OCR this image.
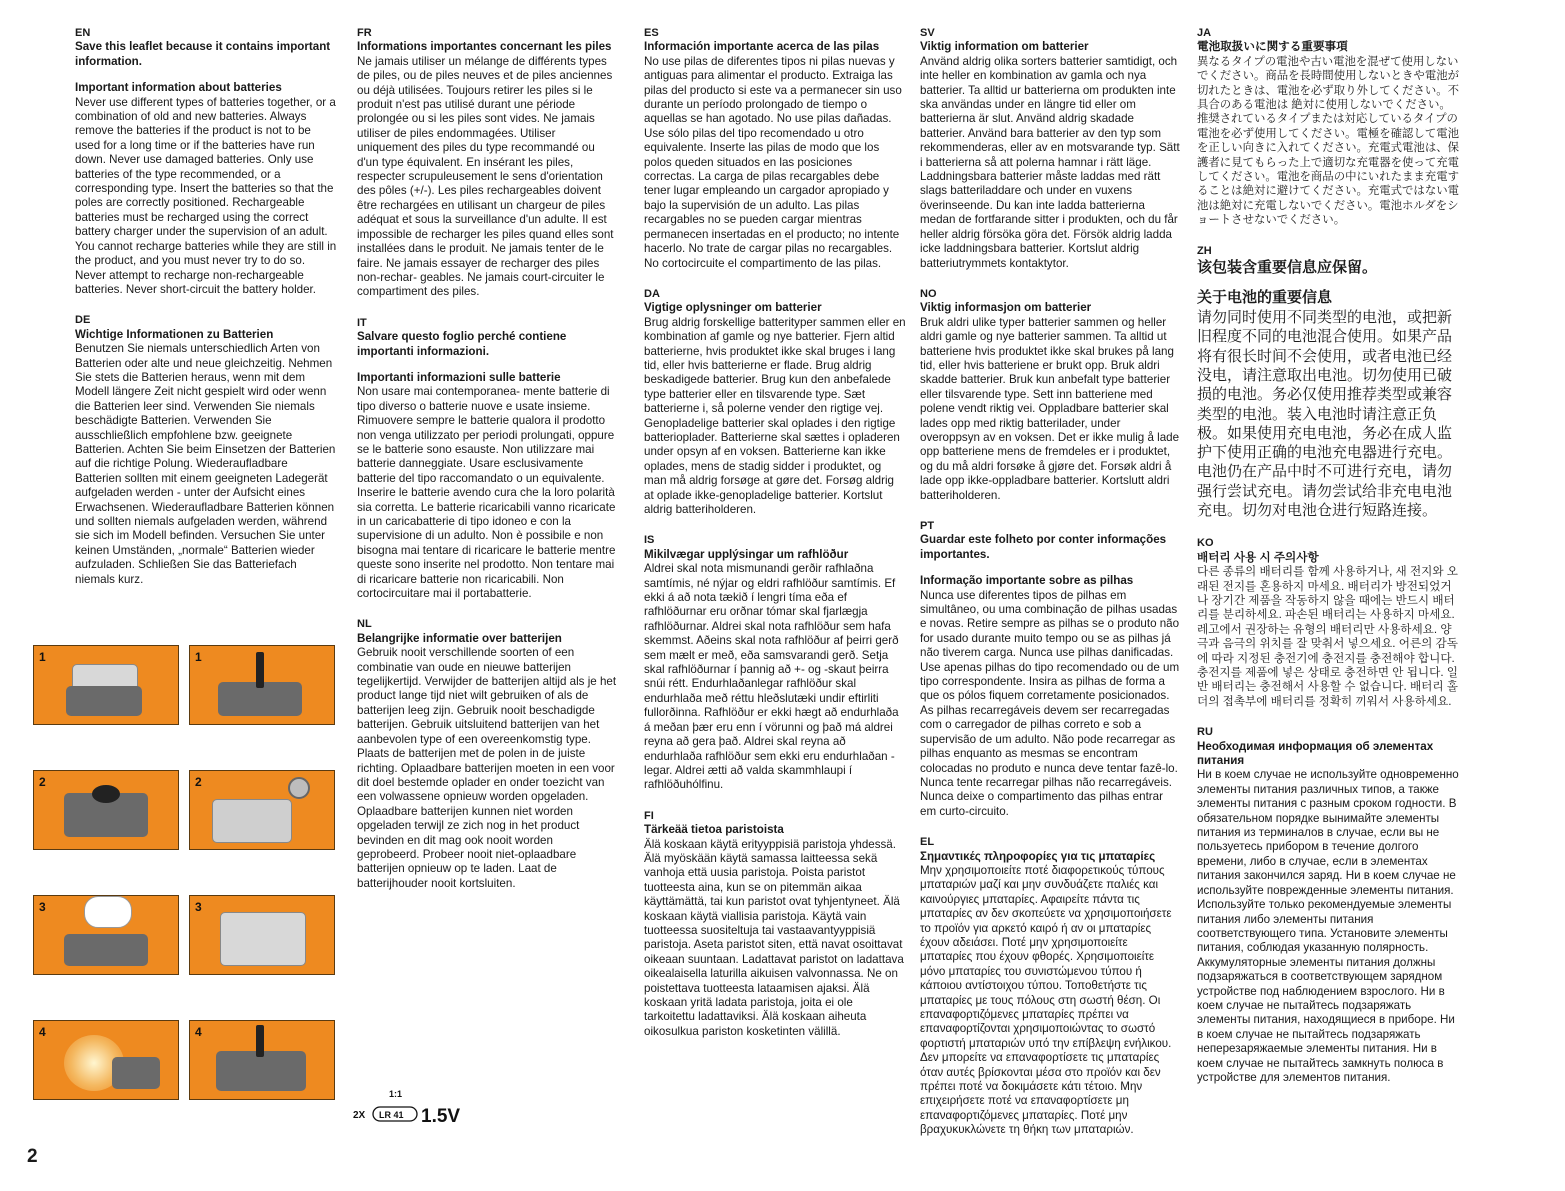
EN

Save this leaflet because it contains important information.

Important information about batteries

Never use different types of batteries together, or a combination of old and new batteries. Always remove the batteries if the product is not to be used for a long time or if the batteries have run down. Never use damaged batteries. Only use batteries of the type recommended, or a corresponding type. Insert the batteries so that the poles are correctly positioned. Rechargeable batteries must be recharged using the correct battery charger under the supervision of an adult. You cannot recharge batteries while they are still in the product, and you must never try to do so. Never attempt to recharge non-rechargeable batteries. Never short-circuit the battery holder.

DE

Wichtige Informationen zu Batterien

Benutzen Sie niemals unterschiedlich Arten von Batterien oder alte und neue gleichzeitig. Nehmen Sie stets die Batterien heraus, wenn mit dem Modell längere Zeit nicht gespielt wird oder wenn die Batterien leer sind. Verwenden Sie niemals beschädigte Batterien. Verwenden Sie ausschließlich empfohlene bzw. geeignete Batterien. Achten Sie beim Einsetzen der Batterien auf die richtige Polung. Wiederaufladbare Batterien sollten mit einem geeigneten Ladegerät aufgeladen werden - unter der Aufsicht eines Erwachsenen. Wiederaufladbare Batterien können und sollten niemals aufgeladen werden, während sie sich im Modell befinden. Versuchen Sie unter keinen Umständen, „normale“ Batterien wieder aufzuladen. Schließen Sie das Batteriefach niemals kurz.

FR

Informations importantes concernant les piles

Ne jamais utiliser un mélange de différents types de piles, ou de piles neuves et de piles anciennes ou déjà utilisées. Toujours retirer les piles si le produit n'est pas utilisé durant une période prolongée ou si les piles sont vides. Ne jamais utiliser de piles endommagées. Utiliser uniquement des piles du type recommandé ou d'un type équivalent. En insérant les piles, respecter scrupuleusement le sens d'orientation des pôles (+/-). Les piles rechargeables doivent être rechargées en utilisant un chargeur de piles adéquat et sous la surveillance d'un adulte. Il est impossible de recharger les piles quand elles sont installées dans le produit. Ne jamais tenter de le faire. Ne jamais essayer de recharger des piles non-rechar- geables. Ne jamais court-circuiter le compartiment des piles.

IT

Salvare questo foglio perché contiene importanti informazioni.

Importanti informazioni sulle batterie

Non usare mai contemporanea- mente batterie di tipo diverso o batterie nuove e usate insieme. Rimuovere sempre le batterie qualora il prodotto non venga utilizzato per periodi prolungati, oppure se le batterie sono esauste. Non utilizzare mai batterie danneggiate. Usare esclusivamente batterie del tipo raccomandato o un equivalente. Inserire le batterie avendo cura che la loro polarità sia corretta. Le batterie ricaricabili vanno ricaricate in un caricabatterie di tipo idoneo e con la supervisione di un adulto. Non è possibile e non bisogna mai tentare di ricaricare le batterie mentre queste sono inserite nel prodotto. Non tentare mai di ricaricare batterie non ricaricabili. Non cortocircuitare mai il portabatterie.

NL

Belangrijke informatie over batterijen

Gebruik nooit verschillende soorten of een combinatie van oude en nieuwe batterijen tegelijkertijd. Verwijder de batterijen altijd als je het product lange tijd niet wilt gebruiken of als de batterijen leeg zijn. Gebruik nooit beschadigde batterijen. Gebruik uitsluitend batterijen van het aanbevolen type of een overeenkomstig type. Plaats de batterijen met de polen in de juiste richting. Oplaadbare batterijen moeten in een voor dit doel bestemde oplader en onder toezicht van een volwassene opnieuw worden opgeladen. Oplaadbare batterijen kunnen niet worden opgeladen terwijl ze zich nog in het product bevinden en dit mag ook nooit worden geprobeerd. Probeer nooit niet-oplaadbare batterijen opnieuw op te laden. Laat de batterijhouder nooit kortsluiten.

ES

Información importante acerca de las pilas

No use pilas de diferentes tipos ni pilas nuevas y antiguas para alimentar el producto. Extraiga las pilas del producto si este va a permanecer sin uso durante un período prolongado de tiempo o aquellas se han agotado. No use pilas dañadas. Use sólo pilas del tipo recomendado u otro equivalente. Inserte las pilas de modo que los polos queden situados en las posiciones correctas. La carga de pilas recargables debe tener lugar empleando un cargador apropiado y bajo la supervisión de un adulto. Las pilas recargables no se pueden cargar mientras permanecen insertadas en el producto; no intente hacerlo. No trate de cargar pilas no recargables. No cortocircuite el compartimento de las pilas.

DA

Vigtige oplysninger om batterier

Brug aldrig forskellige batterityper sammen eller en kombination af gamle og nye batterier. Fjern altid batterierne, hvis produktet ikke skal bruges i lang tid, eller hvis batterierne er flade. Brug aldrig beskadigede batterier. Brug kun den anbefalede type batterier eller en tilsvarende type. Sæt batterierne i, så polerne vender den rigtige vej. Genopladelige batterier skal oplades i den rigtige batterioplader. Batterierne skal sættes i opladeren under opsyn af en voksen. Batterierne kan ikke oplades, mens de stadig sidder i produktet, og man må aldrig forsøge at gøre det. Forsøg aldrig at oplade ikke-genopladelige batterier. Kortslut aldrig batteriholderen.

IS

Mikilvægar upplýsingar um rafhlöður

Aldrei skal nota mismunandi gerðir rafhlaðna samtímis, né nýjar og eldri rafhlöður samtímis. Ef ekki á að nota tækið í lengri tíma eða ef rafhlöðurnar eru orðnar tómar skal fjarlægja rafhlöðurnar. Aldrei skal nota rafhlöður sem hafa skemmst. Aðeins skal nota rafhlöður af þeirri gerð sem mælt er með, eða samsvarandi gerð. Setja skal rafhlöðurnar í þannig að +- og -skaut þeirra snúi rétt. Endurhlaðanlegar rafhlöður skal endurhlaða með réttu hleðslutæki undir eftirliti fullorðinna. Rafhlöður er ekki hægt að endurhlaða á meðan þær eru enn í vörunni og það má aldrei reyna að gera það. Aldrei skal reyna að endurhlaða rafhlöður sem ekki eru endurhlaðan -legar. Aldrei ætti að valda skammhlaupi í rafhlöðuhólfinu.

FI

Tärkeää tietoa paristoista

Älä koskaan käytä erityyppisiä paristoja yhdessä. Älä myöskään käytä samassa laitteessa sekä vanhoja että uusia paristoja. Poista paristot tuotteesta aina, kun se on pitemmän aikaa käyttämättä, tai kun paristot ovat tyhjentyneet. Älä koskaan käytä viallisia paristoja. Käytä vain tuotteessa suositeltuja tai vastaavantyyppisiä paristoja. Aseta paristot siten, että navat osoittavat oikeaan suuntaan. Ladattavat paristot on ladattava oikealaisella laturilla aikuisen valvonnassa. Ne on poistettava tuotteesta lataamisen ajaksi. Älä koskaan yritä ladata paristoja, joita ei ole tarkoitettu ladattaviksi. Älä koskaan aiheuta oikosulkua pariston kosketinten välillä.

SV

Viktig information om batterier

Använd aldrig olika sorters batterier samtidigt, och inte heller en kombination av gamla och nya batterier. Ta alltid ur batterierna om produkten inte ska användas under en längre tid eller om batterierna är slut. Använd aldrig skadade batterier. Använd bara batterier av den typ som rekommenderas, eller av en motsvarande typ. Sätt i batterierna så att polerna hamnar i rätt läge. Laddningsbara batterier måste laddas med rätt slags batteriladdare och under en vuxens överinseende. Du kan inte ladda batterierna medan de fortfarande sitter i produkten, och du får heller aldrig försöka göra det. Försök aldrig ladda icke laddningsbara batterier. Kortslut aldrig batteriutrymmets kontaktytor.

NO

Viktig informasjon om batterier

Bruk aldri ulike typer batterier sammen og heller aldri gamle og nye batterier sammen. Ta alltid ut batteriene hvis produktet ikke skal brukes på lang tid, eller hvis batteriene er brukt opp. Bruk aldri skadde batterier. Bruk kun anbefalt type batterier eller tilsvarende type. Sett inn batteriene med polene vendt riktig vei. Oppladbare batterier skal lades opp med riktig batterilader, under overoppsyn av en voksen. Det er ikke mulig å lade opp batteriene mens de fremdeles er i produktet, og du må aldri forsøke å gjøre det. Forsøk aldri å lade opp ikke-oppladbare batterier. Kortslutt aldri batteriholderen.

PT

Guardar este folheto por conter informações importantes.

Informação importante sobre as pilhas

Nunca use diferentes tipos de pilhas em simultâneo, ou uma combinação de pilhas usadas e novas. Retire sempre as pilhas se o produto não for usado durante muito tempo ou se as pilhas já não tiverem carga. Nunca use pilhas danificadas. Use apenas pilhas do tipo recomendado ou de um tipo correspondente. Insira as pilhas de forma a que os pólos fiquem corretamente posicionados. As pilhas recarregáveis devem ser recarregadas com o carregador de pilhas correto e sob a supervisão de um adulto. Não pode recarregar as pilhas enquanto as mesmas se encontram colocadas no produto e nunca deve tentar fazê-lo. Nunca tente recarregar pilhas não recarregáveis. Nunca deixe o compartimento das pilhas entrar em curto-circuito.

EL

Σημαντικές πληροφορίες για τις μπαταρίες

Μην χρησιμοποιείτε ποτέ διαφορετικούς τύπους μπαταριών μαζί και μην συνδυάζετε παλιές και καινούργιες μπαταρίες. Αφαιρείτε πάντα τις μπαταρίες αν δεν σκοπεύετε να χρησιμοποιήσετε το προϊόν για αρκετό καιρό ή αν οι μπαταρίες έχουν αδειάσει. Ποτέ μην χρησιμοποιείτε μπαταρίες που έχουν φθορές. Χρησιμοποιείτε μόνο μπαταρίες του συνιστώμενου τύπου ή κάποιου αντίστοιχου τύπου. Τοποθετήστε τις μπαταρίες με τους πόλους στη σωστή θέση. Οι επαναφορτιζόμενες μπαταρίες πρέπει να επαναφορτίζονται χρησιμοποιώντας το σωστό φορτιστή μπαταριών υπό την επίβλεψη ενήλικου. Δεν μπορείτε να επαναφορτίσετε τις μπαταρίες όταν αυτές βρίσκονται μέσα στο προϊόν και δεν πρέπει ποτέ να δοκιμάσετε κάτι τέτοιο. Μην επιχειρήσετε ποτέ να επαναφορτίσετε μη επαναφορτιζόμενες μπαταρίες. Ποτέ μην βραχυκυκλώνετε τη θήκη των μπαταριών.

JA

電池取扱いに関する重要事項

異なるタイプの電池や古い電池を混ぜて使用しないでください。商品を長時間使用しないときや電池が切れたときは、電池を必ず取り外してください。不具合のある電池は 絶対に使用しないでください。推奨されているタイプまたは対応しているタイプの電池を必ず使用してください。電極を確認して電池を正しい向きに入れてください。充電式電池は、保護者に見てもらった上で適切な充電器を使って充電してください。電池を商品の中にいれたまま充電することは絶対に避けてください。充電式ではない電池は絶対に充電しないでください。電池ホルダをショートさせないでください。

ZH

该包装含重要信息应保留。

关于电池的重要信息

请勿同时使用不同类型的电池，或把新旧程度不同的电池混合使用。如果产品将有很长时间不会使用，或者电池已经没电，请注意取出电池。切勿使用已破损的电池。务必仅使用推荐类型或兼容类型的电池。装入电池时请注意正负极。如果使用充电电池，务必在成人监护下使用正确的电池充电器进行充电。电池仍在产品中时不可进行充电，请勿强行尝试充电。请勿尝试给非充电电池充电。切勿对电池仓进行短路连接。

KO

배터리 사용 시 주의사항

다른 종류의 배터리를 함께 사용하거나, 새 전지와 오래된 전지를 혼용하지 마세요. 배터리가 방전되었거나 장기간 제품을 작동하지 않을 때에는 반드시 배터리를 분리하세요. 파손된 배터리는 사용하지 마세요. 레고에서 권장하는 유형의 배터리만 사용하세요. 양극과 음극의 위치를 잘 맞춰서 넣으세요. 어른의 감독에 따라 지정된 충전기에 충전지를 충전해야 합니다. 충전지를 제품에 넣은 상태로 충전하면 안 됩니다. 일반 배터리는 충전해서 사용할 수 없습니다. 배터리 홀더의 접촉부에 배터리를 정확히 끼워서 사용하세요.

RU

Необходимая информация об элементах питания

Ни в коем случае не используйте одновременно элементы питания различных типов, а также элементы питания с разным сроком годности. В обязательном порядке вынимайте элементы питания из терминалов в случае, если вы не пользуетесь прибором в течение долгого времени, либо в случае, если в элементах питания закончился заряд. Ни в коем случае не используйте поврежденные элементы питания. Используйте только рекомендуемые элементы питания либо элементы питания соответствующего типа. Установите элементы питания, соблюдая указанную полярность. Аккумуляторные элементы питания должны подзаряжаться в соответствующем зарядном устройстве под наблюдением взрослого. Ни в коем случае не пытайтесь подзаряжать элементы питания, находящиеся в приборе. Ни в коем случае не пытайтесь подзаряжать неперезаряжаемые элементы питания. Ни в коем случае не пытайтесь замкнуть полюса в устройстве для элементов питания.

1	1
2	2
3	3
4	4
1:1
2X LR 41 1.5V
2
